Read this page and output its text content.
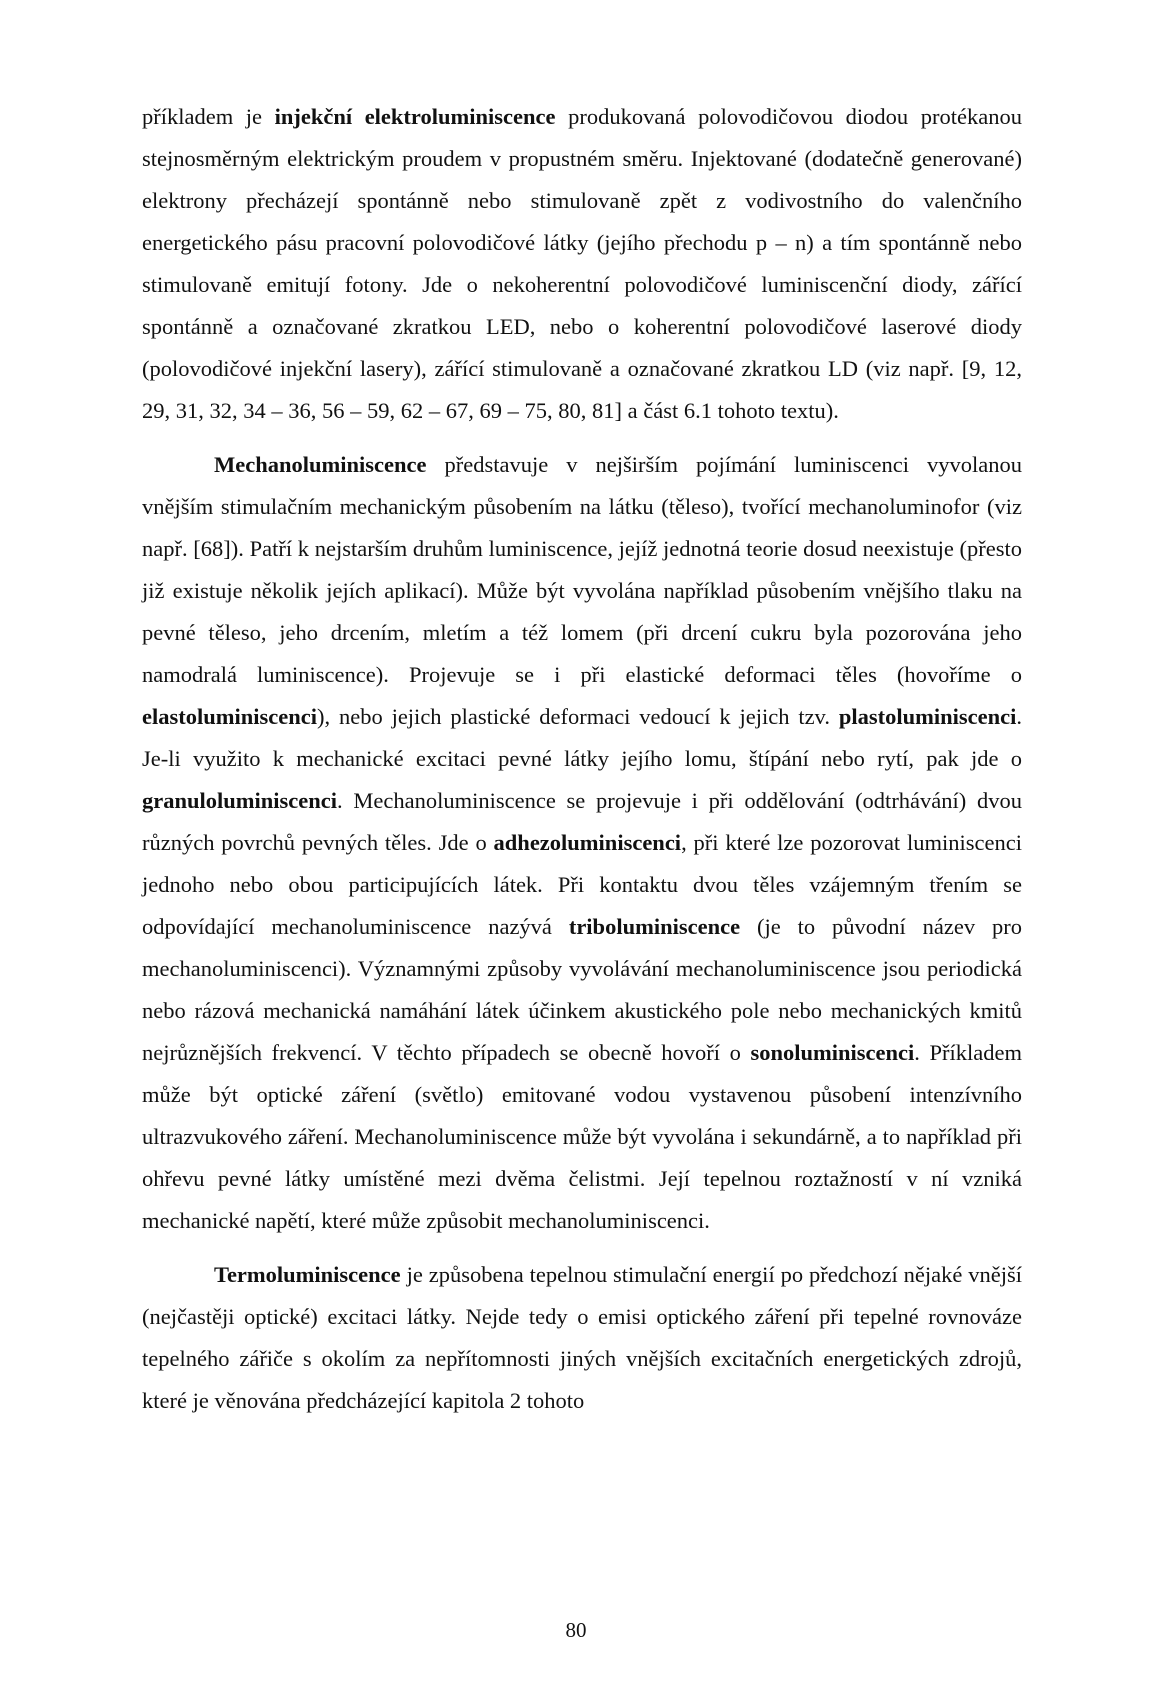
příkladem je injekční elektroluminiscence produkovaná polovodičovou diodou protékanou stejnosměrným elektrickým proudem v propustném směru. Injektované (dodatečně generované) elektrony přecházejí spontánně nebo stimulovaně zpět z vodivostního do valenčního energetického pásu pracovní polovodičové látky (jejího přechodu p – n) a tím spontánně nebo stimulovaně emitují fotony. Jde o nekoherentní polovodičové luminiscenční diody, zářící spontánně a označované zkratkou LED, nebo o koherentní polovodičové laserové diody (polovodičové injekční lasery), zářící stimulovaně a označované zkratkou LD (viz např. [9, 12, 29, 31, 32, 34 – 36, 56 – 59, 62 – 67, 69 – 75, 80, 81] a část 6.1 tohoto textu).

Mechanoluminiscence představuje v nejširším pojímání luminiscenci vyvolanou vnějším stimulačním mechanickým působením na látku (těleso), tvořící mechanoluminofor (viz např. [68]). Patří k nejstarším druhům luminiscence, jejíž jednotná teorie dosud neexistuje (přesto již existuje několik jejích aplikací). Může být vyvolána například působením vnějšího tlaku na pevné těleso, jeho drcením, mletím a též lomem (při drcení cukru byla pozorována jeho namodralá luminiscence). Projevuje se i při elastické deformaci těles (hovoříme o elastoluminiscenci), nebo jejich plastické deformaci vedoucí k jejich tzv. plastoluminiscenci. Je-li využito k mechanické excitaci pevné látky jejího lomu, štípání nebo rytí, pak jde o granuloluminiscenci. Mechanoluminiscence se projevuje i při oddělování (odtrhávání) dvou různých povrchů pevných těles. Jde o adhezoluminiscenci, při které lze pozorovat luminiscenci jednoho nebo obou participujících látek. Při kontaktu dvou těles vzájemným třením se odpovídající mechanoluminiscence nazývá triboluminiscence (je to původní název pro mechanoluminiscenci). Významnými způsoby vyvolávání mechanoluminiscence jsou periodická nebo rázová mechanická namáhání látek účinkem akustického pole nebo mechanických kmitů nejrůznějších frekvencí. V těchto případech se obecně hovoří o sonoluminiscenci. Příkladem může být optické záření (světlo) emitované vodou vystavenou působení intenzívního ultrazvukového záření. Mechanoluminiscence může být vyvolána i sekundárně, a to například při ohřevu pevné látky umístěné mezi dvěma čelistmi. Její tepelnou roztažností v ní vzniká mechanické napětí, které může způsobit mechanoluminiscenci.

Termoluminiscence je způsobena tepelnou stimulační energií po předchozí nějaké vnější (nejčastěji optické) excitaci látky. Nejde tedy o emisi optického záření při tepelné rovnováze tepelného zářiče s okolím za nepřítomnosti jiných vnějších excitačních energetických zdrojů, které je věnována předcházející kapitola 2 tohoto

80
